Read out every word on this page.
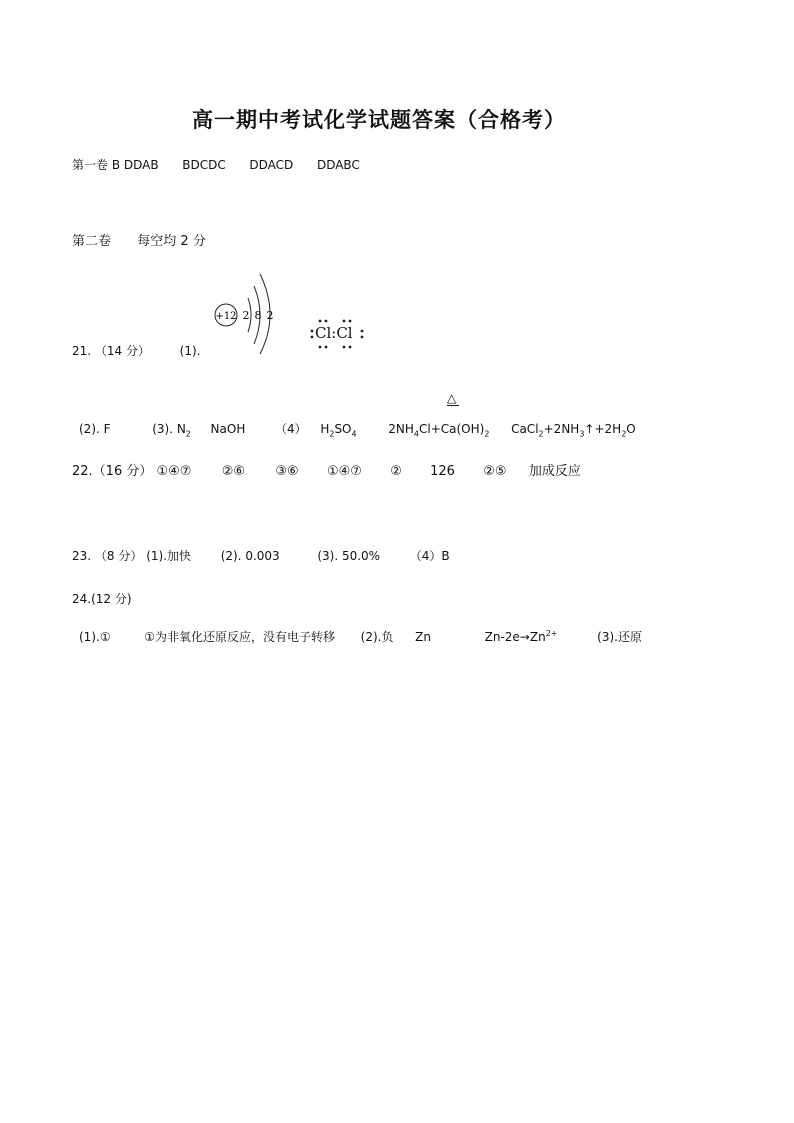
高一期中考试化学试题答案（合格考）
第一卷 B DDAB BDCDC DDACD DDABC
第二卷 每空均 2 分
+12 2 8 2
Cl:Cl
21. （14 分） (1).
△
(2). F	(3). $N_2$ NaOH （4） $H_2SO_4$	$2NH_4Cl+Ca(OH)_2$ $CaCl_2+2NH_3↑+2H_2O$
22.（16 分） ①④⑦ ②⑥ ③⑥ ①④⑦ ② 126 ②⑤ 加成反应
23. （8 分） (1).加快 (2). 0.003	(3). 50.0% （4）B
24.(12 分)
(1).①	①为非氧化还原反应，没有电子转移 (2).负 Zn	$Zn-2e\to Zn^{2+}$	(3).还原
